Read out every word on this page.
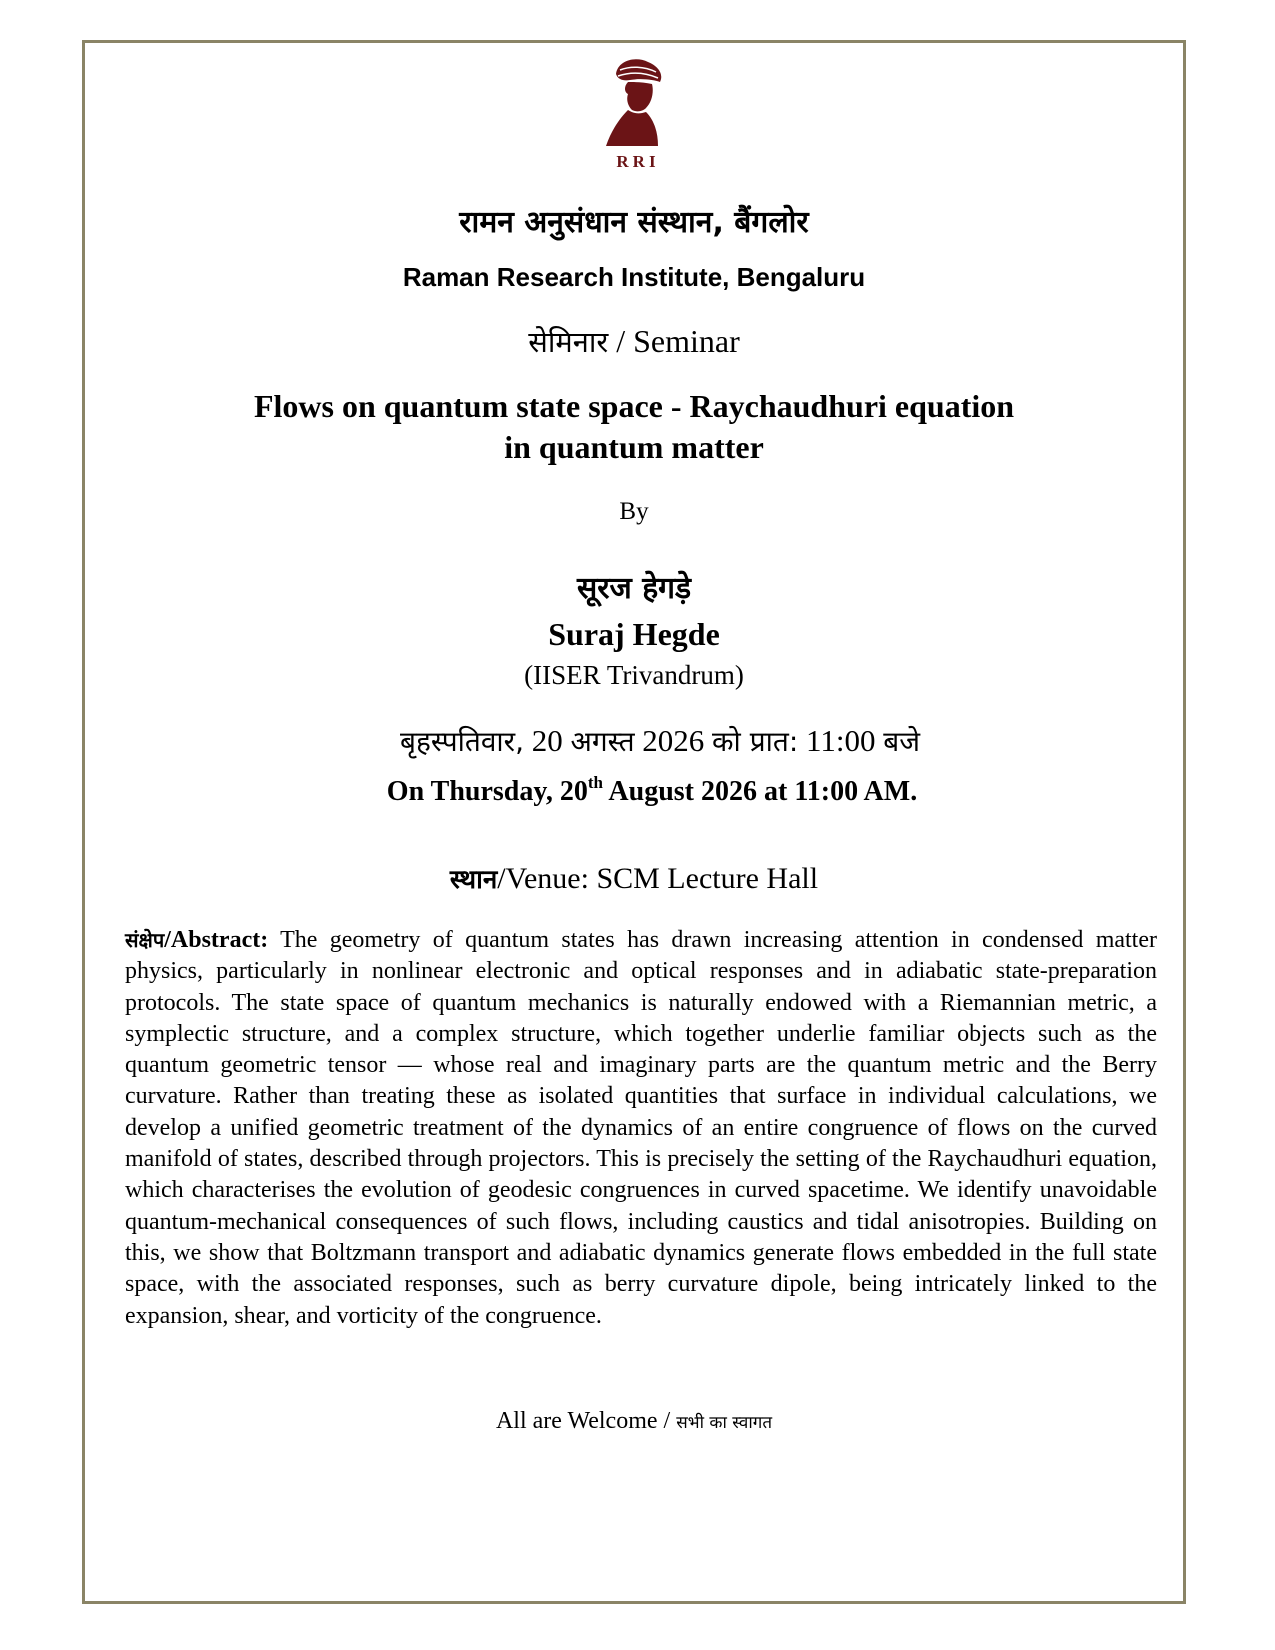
RRI
रामन अनुसंधान संस्थान, बैंगलोर
Raman Research Institute, Bengaluru
सेमिनार / Seminar
Flows on quantum state space - Raychaudhuri equation in quantum matter
By
सूरज हेगड़े
Suraj Hegde
(IISER Trivandrum)
बृहस्पतिवार, 20 अगस्त 2026 को प्रात: 11:00 बजे
On Thursday, 20th August 2026 at 11:00 AM.
स्थान/Venue: SCM Lecture Hall
संक्षेप/Abstract: The geometry of quantum states has drawn increasing attention in condensed matter physics, particularly in nonlinear electronic and optical responses and in adiabatic state-preparation protocols. The state space of quantum mechanics is naturally endowed with a Riemannian metric, a symplectic structure, and a complex structure, which together underlie familiar objects such as the quantum geometric tensor — whose real and imaginary parts are the quantum metric and the Berry curvature. Rather than treating these as isolated quantities that surface in individual calculations, we develop a unified geometric treatment of the dynamics of an entire congruence of flows on the curved manifold of states, described through projectors. This is precisely the setting of the Raychaudhuri equation, which characterises the evolution of geodesic congruences in curved spacetime. We identify unavoidable quantum-mechanical consequences of such flows, including caustics and tidal anisotropies. Building on this, we show that Boltzmann transport and adiabatic dynamics generate flows embedded in the full state space, with the associated responses, such as berry curvature dipole, being intricately linked to the expansion, shear, and vorticity of the congruence.
All are Welcome / सभी का स्वागत
